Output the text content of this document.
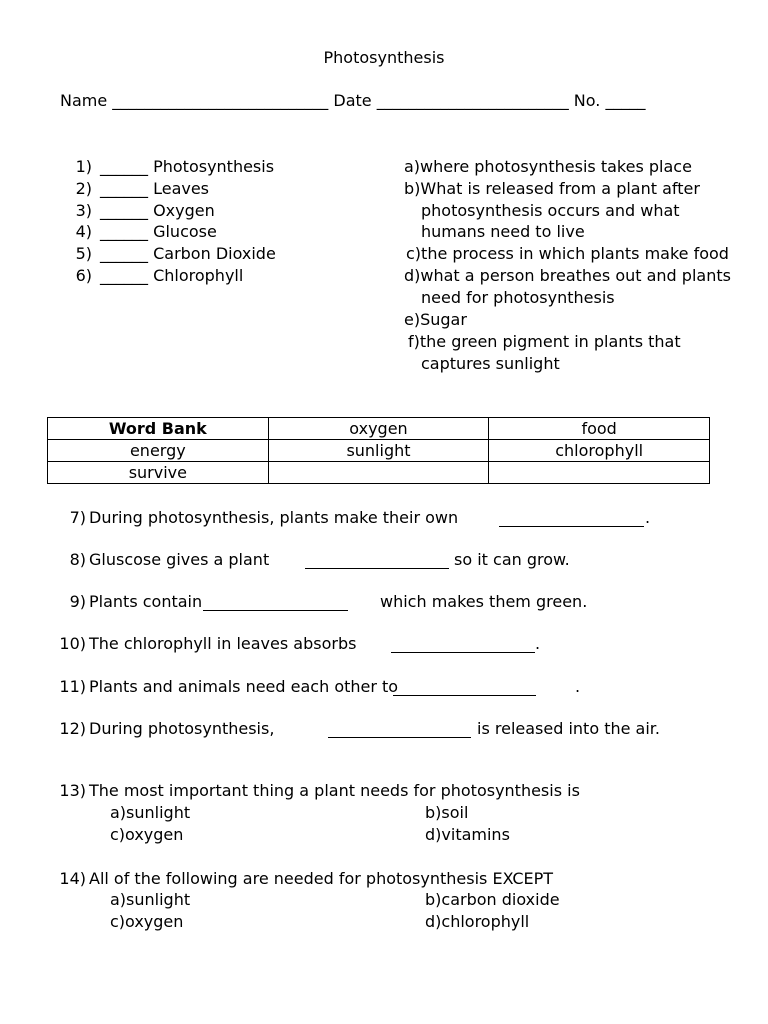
Photosynthesis
Name ___________________________ Date ________________________ No. _____
1) ______ Photosynthesis
2) ______ Leaves
3) ______ Oxygen
4) ______ Glucose
5) ______ Carbon Dioxide
6) ______ Chlorophyll
a)where photosynthesis takes place
b)What is released from a plant after
photosynthesis occurs and what
humans need to live
c)the process in which plants make food
d)what a person breathes out and plants
need for photosynthesis
e)Sugar
f)the green pigment in plants that
captures sunlight
Word Bank	oxygen	food
energy	sunlight	chlorophyll
survive		
7) During photosynthesis, plants make their own	.
8) Gluscose gives a plant	so it can grow.
9) Plants contain	which makes them green.
10) The chlorophyll in leaves absorbs	.
11) Plants and animals need each other to	.
12) During photosynthesis,	is released into the air.
13) The most important thing a plant needs for photosynthesis is
a)sunlight	b)soil
c)oxygen	d)vitamins
14) All of the following are needed for photosynthesis EXCEPT
a)sunlight	b)carbon dioxide
c)oxygen	d)chlorophyll
